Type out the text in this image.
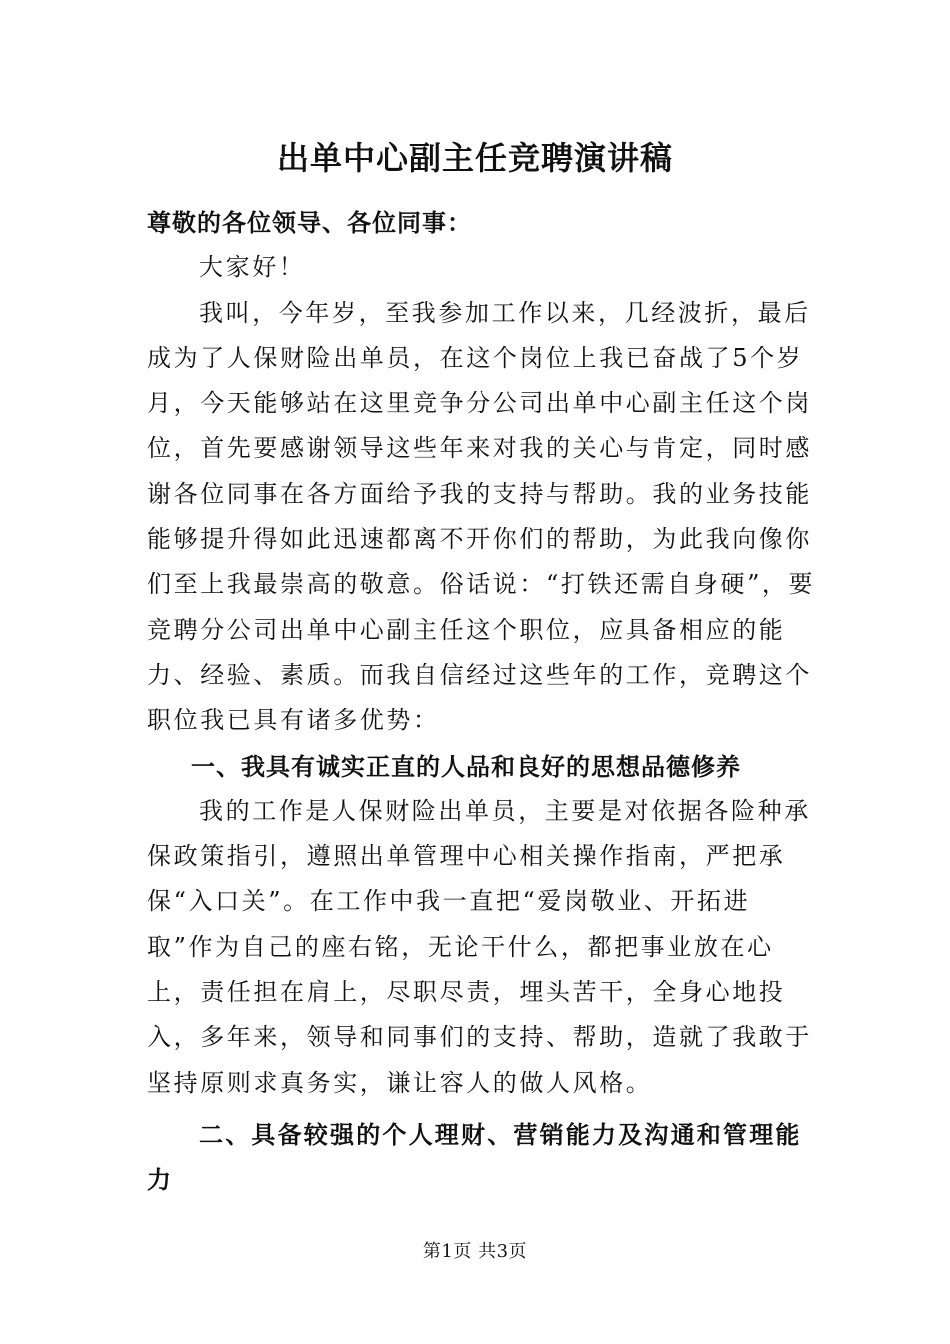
出单中心副主任竞聘演讲稿

尊敬的各位领导、各位同事：

大家好！

我叫，今年岁，至我参加工作以来，几经波折，最后成为了人保财险出单员，在这个岗位上我已奋战了5个岁月，今天能够站在这里竞争分公司出单中心副主任这个岗位，首先要感谢领导这些年来对我的关心与肯定，同时感谢各位同事在各方面给予我的支持与帮助。我的业务技能能够提升得如此迅速都离不开你们的帮助，为此我向像你们至上我最崇高的敬意。俗话说：“打铁还需自身硬”，要竞聘分公司出单中心副主任这个职位，应具备相应的能力、经验、素质。而我自信经过这些年的工作，竞聘这个职位我已具有诸多优势：

一、我具有诚实正直的人品和良好的思想品德修养

我的工作是人保财险出单员，主要是对依据各险种承保政策指引，遵照出单管理中心相关操作指南，严把承保“入口关”。在工作中我一直把“爱岗敬业、开拓进取”作为自己的座右铭，无论干什么，都把事业放在心上，责任担在肩上，尽职尽责，埋头苦干，全身心地投入，多年来，领导和同事们的支持、帮助，造就了我敢于坚持原则求真务实，谦让容人的做人风格。

二、具备较强的个人理财、营销能力及沟通和管理能力

第1页 共3页
